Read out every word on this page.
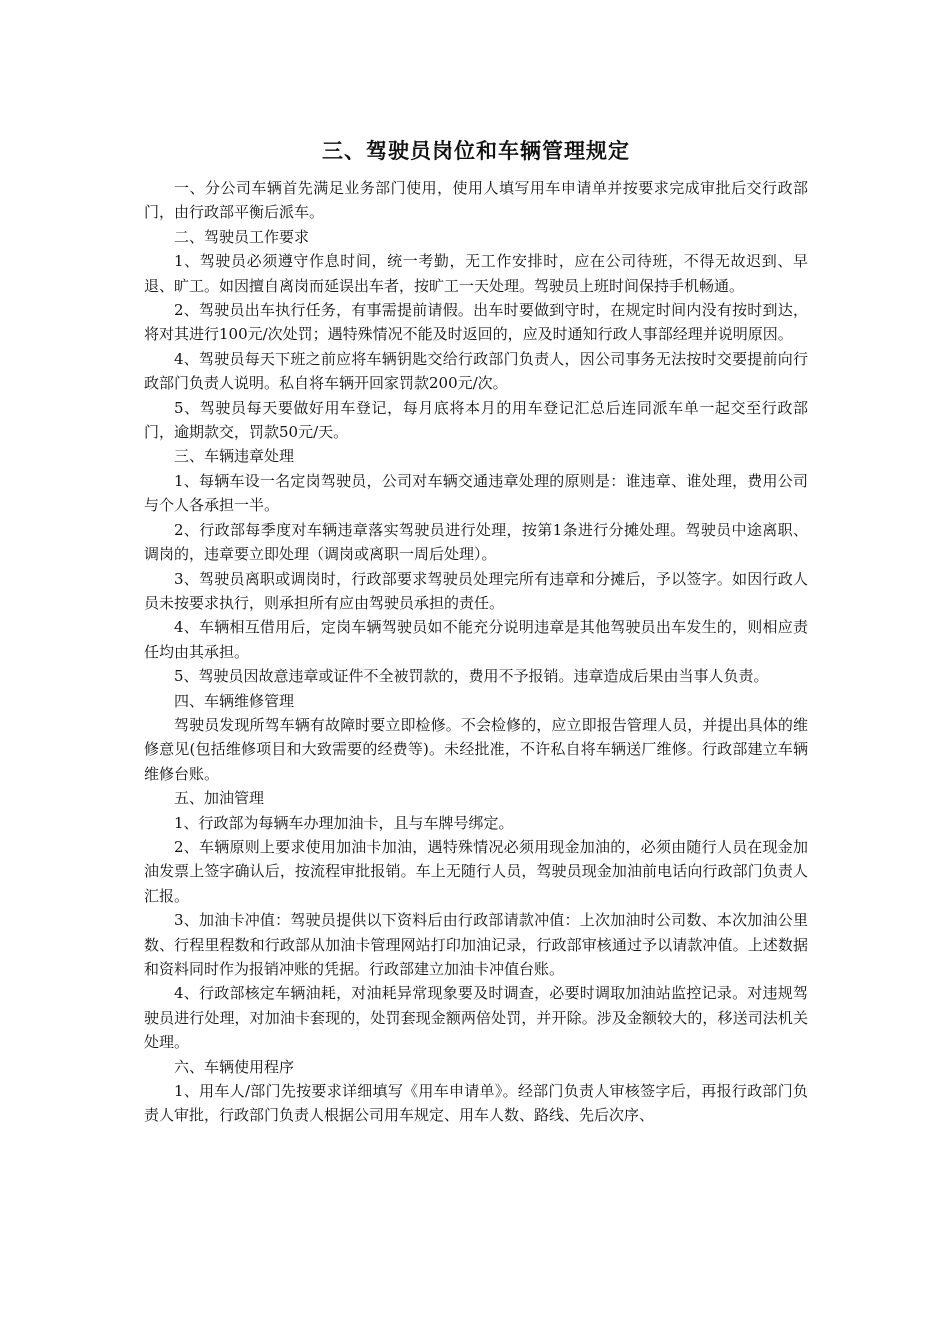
三、驾驶员岗位和车辆管理规定

一、分公司车辆首先满足业务部门使用，使用人填写用车申请单并按要求完成审批后交行政部门，由行政部平衡后派车。

二、驾驶员工作要求

1、驾驶员必须遵守作息时间，统一考勤，无工作安排时，应在公司待班，不得无故迟到、早退、旷工。如因擅自离岗而延误出车者，按旷工一天处理。驾驶员上班时间保持手机畅通。

2、驾驶员出车执行任务，有事需提前请假。出车时要做到守时，在规定时间内没有按时到达，将对其进行100元/次处罚；遇特殊情况不能及时返回的，应及时通知行政人事部经理并说明原因。

4、驾驶员每天下班之前应将车辆钥匙交给行政部门负责人，因公司事务无法按时交要提前向行政部门负责人说明。私自将车辆开回家罚款200元/次。

5、驾驶员每天要做好用车登记，每月底将本月的用车登记汇总后连同派车单一起交至行政部门，逾期款交，罚款50元/天。

三、车辆违章处理

1、每辆车设一名定岗驾驶员，公司对车辆交通违章处理的原则是：谁违章、谁处理，费用公司与个人各承担一半。

2、行政部每季度对车辆违章落实驾驶员进行处理，按第1条进行分摊处理。驾驶员中途离职、调岗的，违章要立即处理（调岗或离职一周后处理）。

3、驾驶员离职或调岗时，行政部要求驾驶员处理完所有违章和分摊后，予以签字。如因行政人员未按要求执行，则承担所有应由驾驶员承担的责任。

4、车辆相互借用后，定岗车辆驾驶员如不能充分说明违章是其他驾驶员出车发生的，则相应责任均由其承担。

5、驾驶员因故意违章或证件不全被罚款的，费用不予报销。违章造成后果由当事人负责。

四、车辆维修管理

驾驶员发现所驾车辆有故障时要立即检修。不会检修的，应立即报告管理人员，并提出具体的维修意见(包括维修项目和大致需要的经费等)。未经批准，不许私自将车辆送厂维修。行政部建立车辆维修台账。

五、加油管理

1、行政部为每辆车办理加油卡，且与车牌号绑定。

2、车辆原则上要求使用加油卡加油，遇特殊情况必须用现金加油的，必须由随行人员在现金加油发票上签字确认后，按流程审批报销。车上无随行人员，驾驶员现金加油前电话向行政部门负责人汇报。

3、加油卡冲值：驾驶员提供以下资料后由行政部请款冲值：上次加油时公司数、本次加油公里数、行程里程数和行政部从加油卡管理网站打印加油记录，行政部审核通过予以请款冲值。上述数据和资料同时作为报销冲账的凭据。行政部建立加油卡冲值台账。

4、行政部核定车辆油耗，对油耗异常现象要及时调查，必要时调取加油站监控记录。对违规驾驶员进行处理，对加油卡套现的，处罚套现金额两倍处罚，并开除。涉及金额较大的，移送司法机关处理。

六、车辆使用程序

1、用车人/部门先按要求详细填写《用车申请单》。经部门负责人审核签字后，再报行政部门负责人审批，行政部门负责人根据公司用车规定、用车人数、路线、先后次序、
